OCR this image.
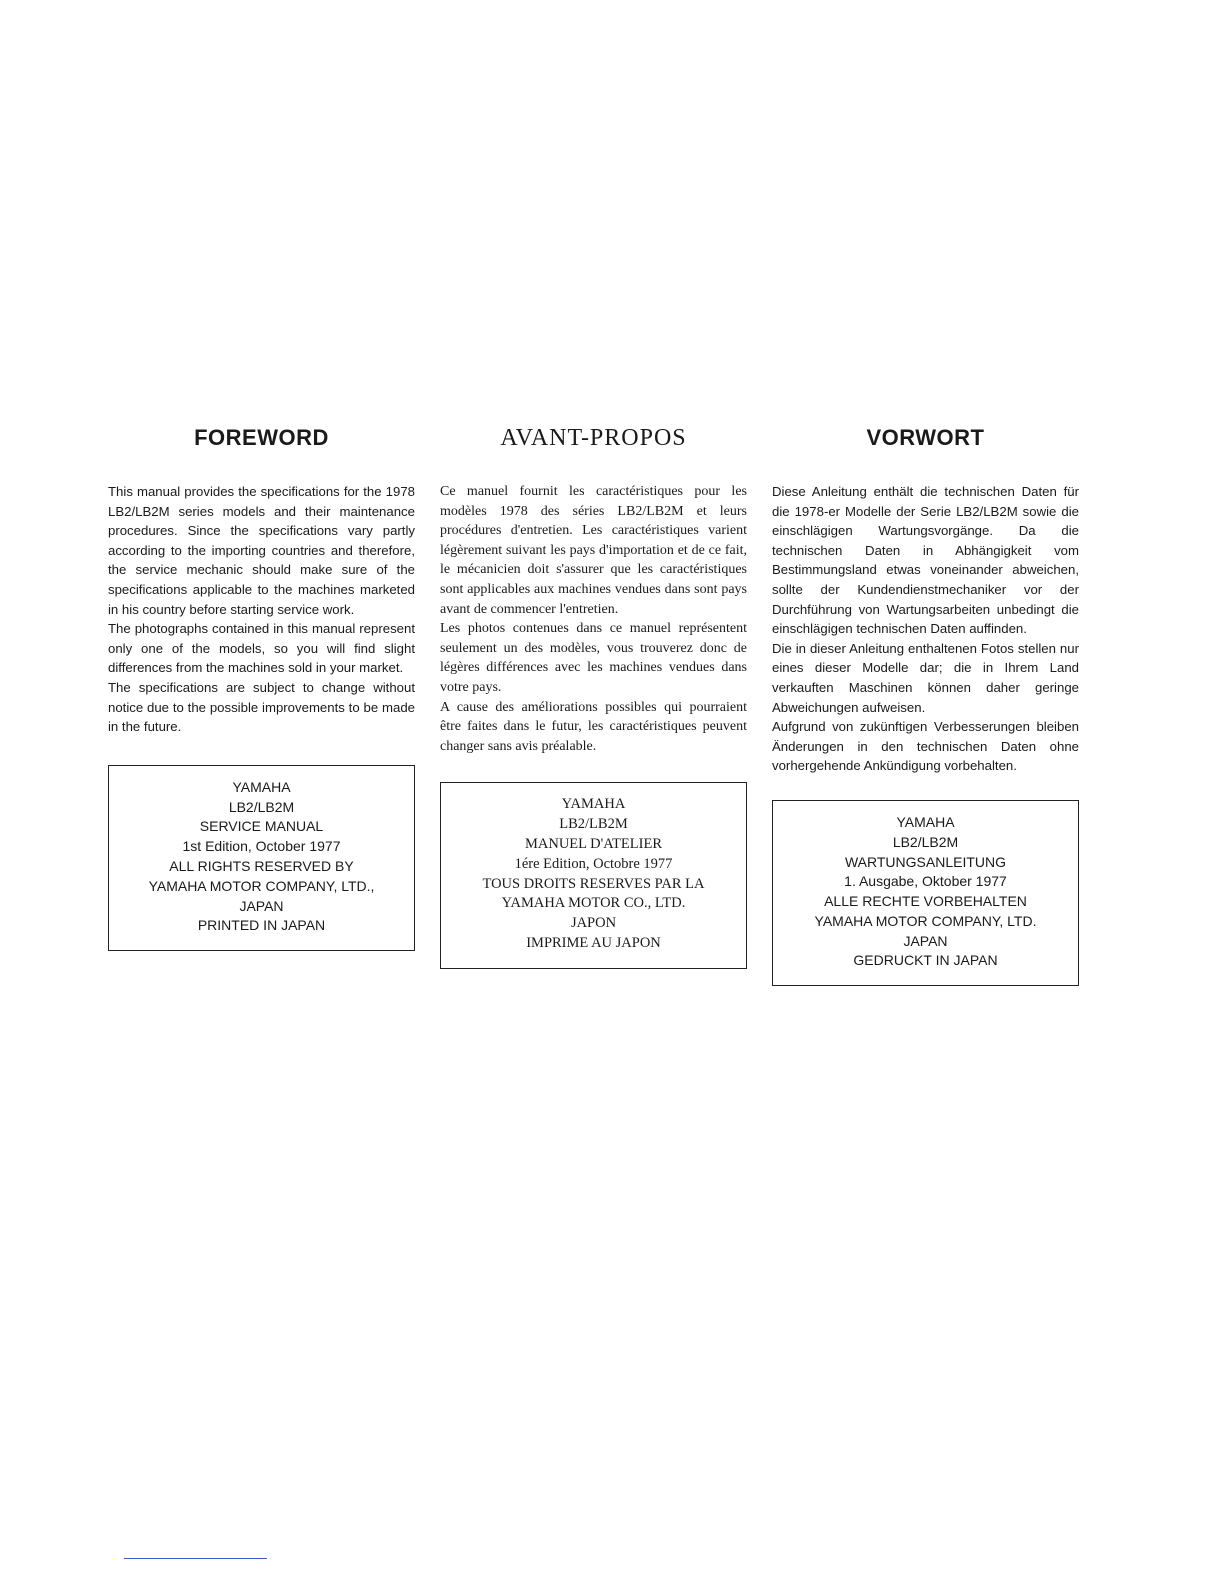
FOREWORD

This manual provides the specifications for the 1978 LB2/LB2M series models and their maintenance procedures. Since the specifications vary partly according to the importing countries and therefore, the service mechanic should make sure of the specifications applicable to the machines marketed in his country before starting service work.

The photographs contained in this manual represent only one of the models, so you will find slight differences from the machines sold in your market.

The specifications are subject to change without notice due to the possible improvements to be made in the future.

YAMAHA
LB2/LB2M
SERVICE MANUAL
1st Edition, October 1977
ALL RIGHTS RESERVED BY
YAMAHA MOTOR COMPANY, LTD.,
JAPAN
PRINTED IN JAPAN
AVANT-PROPOS

Ce manuel fournit les caractéristiques pour les modèles 1978 des séries LB2/LB2M et leurs procédures d'entretien. Les caractéristiques varient légèrement suivant les pays d'importation et de ce fait, le mécanicien doit s'assurer que les caractéristiques sont applicables aux machines vendues dans sont pays avant de commencer l'entretien.

Les photos contenues dans ce manuel représentent seulement un des modèles, vous trouverez donc de légères différences avec les machines vendues dans votre pays.

A cause des améliorations possibles qui pourraient être faites dans le futur, les caractéristiques peuvent changer sans avis préalable.

YAMAHA
LB2/LB2M
MANUEL D'ATELIER
1ére Edition, Octobre 1977
TOUS DROITS RESERVES PAR LA
YAMAHA MOTOR CO., LTD.
JAPON
IMPRIME AU JAPON
VORWORT

Diese Anleitung enthält die technischen Daten für die 1978-er Modelle der Serie LB2/LB2M sowie die einschlägigen Wartungsvorgänge. Da die technischen Daten in Abhängigkeit vom Bestimmungsland etwas voneinander abweichen, sollte der Kundendienstmechaniker vor der Durchführung von Wartungsarbeiten unbedingt die einschlägigen technischen Daten auffinden.

Die in dieser Anleitung enthaltenen Fotos stellen nur eines dieser Modelle dar; die in Ihrem Land verkauften Maschinen können daher geringe Abweichungen aufweisen.

Aufgrund von zukünftigen Verbesserungen bleiben Änderungen in den technischen Daten ohne vorhergehende Ankündigung vorbehalten.

YAMAHA
LB2/LB2M
WARTUNGSANLEITUNG
1. Ausgabe, Oktober 1977
ALLE RECHTE VORBEHALTEN
YAMAHA MOTOR COMPANY, LTD.
JAPAN
GEDRUCKT IN JAPAN
